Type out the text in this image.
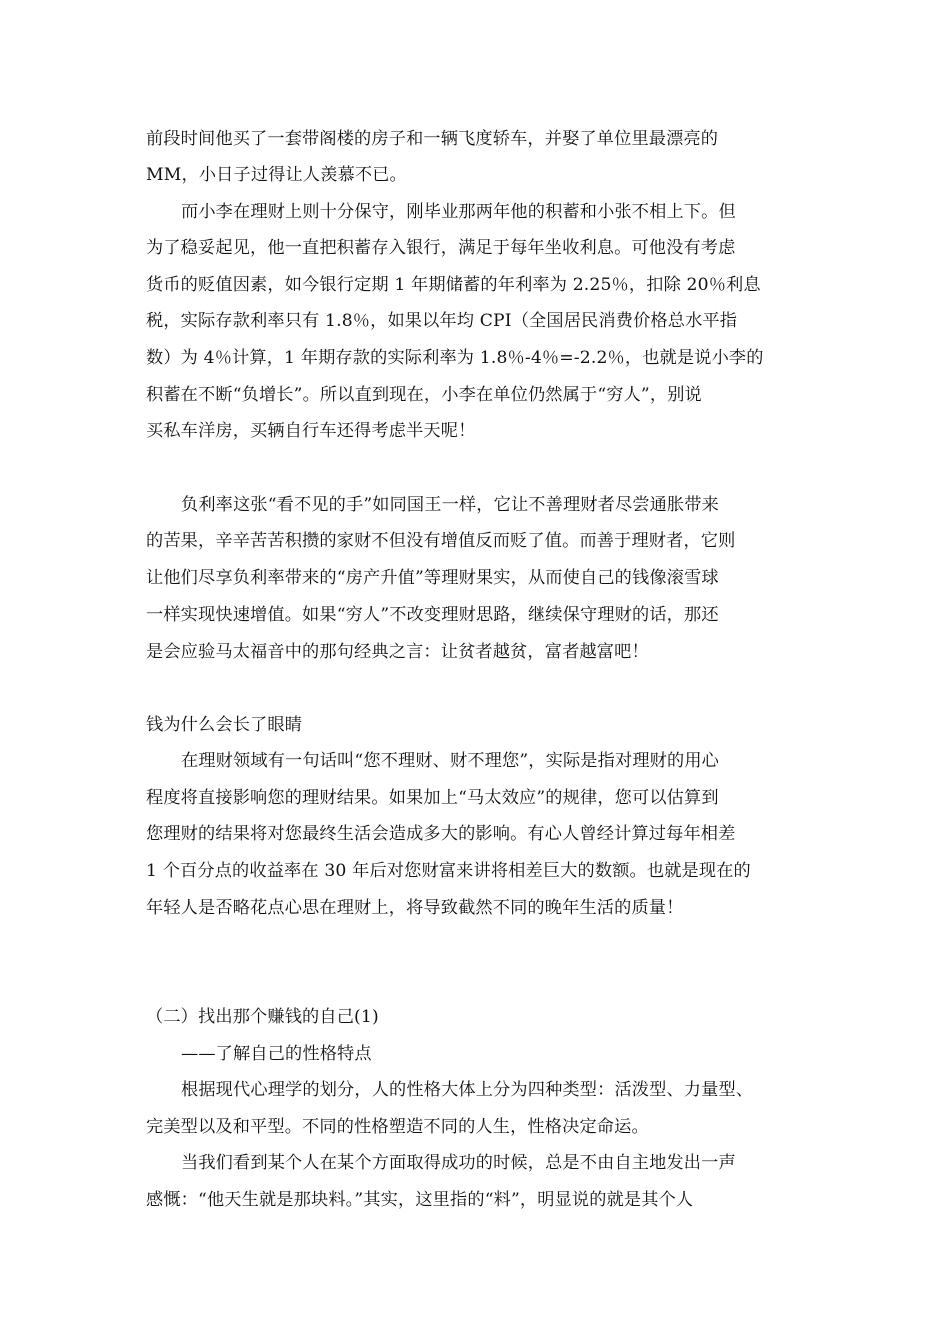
前段时间他买了一套带阁楼的房子和一辆飞度轿车，并娶了单位里最漂亮的
MM，小日子过得让人羡慕不已。
而小李在理财上则十分保守，刚毕业那两年他的积蓄和小张不相上下。但
为了稳妥起见，他一直把积蓄存入银行，满足于每年坐收利息。可他没有考虑
货币的贬值因素，如今银行定期 1 年期储蓄的年利率为 2.25％，扣除 20％利息
税，实际存款利率只有 1.8％，如果以年均 CPI（全国居民消费价格总水平指
数）为 4％计算，1 年期存款的实际利率为 1.8％-4％=-2.2％，也就是说小李的
积蓄在不断“负增长”。所以直到现在，小李在单位仍然属于“穷人”，别说
买私车洋房，买辆自行车还得考虑半天呢！
负利率这张“看不见的手”如同国王一样，它让不善理财者尽尝通胀带来
的苦果，辛辛苦苦积攒的家财不但没有增值反而贬了值。而善于理财者，它则
让他们尽享负利率带来的“房产升值”等理财果实，从而使自己的钱像滚雪球
一样实现快速增值。如果“穷人”不改变理财思路，继续保守理财的话，那还
是会应验马太福音中的那句经典之言：让贫者越贫，富者越富吧！
钱为什么会长了眼睛
在理财领域有一句话叫“您不理财、财不理您”，实际是指对理财的用心
程度将直接影响您的理财结果。如果加上“马太效应”的规律，您可以估算到
您理财的结果将对您最终生活会造成多大的影响。有心人曾经计算过每年相差
1 个百分点的收益率在 30 年后对您财富来讲将相差巨大的数额。也就是现在的
年轻人是否略花点心思在理财上，将导致截然不同的晚年生活的质量！
（二）找出那个赚钱的自己(1)
——了解自己的性格特点
根据现代心理学的划分，人的性格大体上分为四种类型：活泼型、力量型、
完美型以及和平型。不同的性格塑造不同的人生，性格决定命运。
当我们看到某个人在某个方面取得成功的时候，总是不由自主地发出一声
感慨：“他天生就是那块料。”其实，这里指的“料”，明显说的就是其个人
